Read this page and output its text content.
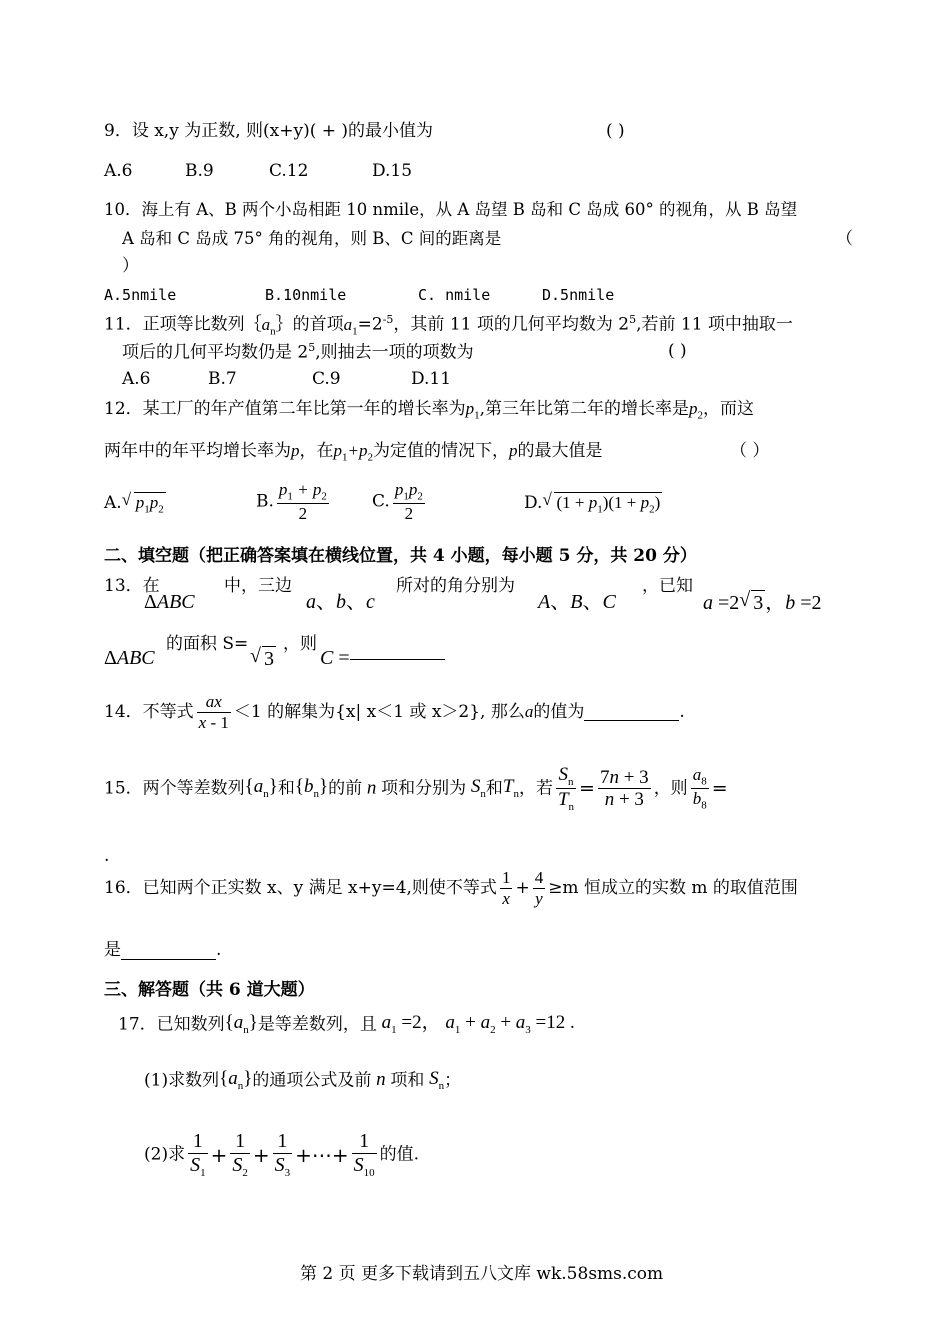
9．设 x,y 为正数, 则(x+y)( + )的最小值为	( )
A.6	B.9	C.12	D.15
10．海上有 A、B 两个小岛相距 10 nmile，从 A 岛望 B 岛和 C 岛成 60° 的视角，从 B 岛望
A 岛和 C 岛成 75° 角的视角，则 B、C 间的距离是	（
）
A.5nmile	B.10nmile	C. nmile	D.5nmile
11．正项等比数列$\{a_n\}$的首项$a_1=2^{-5}$，其前 11 项的几何平均数为 $2^5$,若前 11 项中抽取一
项后的几何平均数仍是 $2^5$,则抽去一项的项数为	( )
A.6	B.7	C.9	D.11
12．某工厂的年产值第二年比第一年的增长率为$p_1$,第三年比第二年的增长率是$p_2$，而这
两年中的年平均增长率为p，在$p_1+p_2$为定值的情况下，p的最大值是	（ ）
A. √ $p_1p_2$	B. $\frac{p_1 + p_2}{2}$	C. $\frac{p_1p_2}{2}$	D. √ $(1 + p_1)(1 + p_2)$
二、填空题（把正确答案填在横线位置，共 4 小题，每小题 5 分，共 20 分）
13．在
ΔABC
中，三边
a、b、c
所对的角分别为
A、B、C
，已知
a =2 √ 3 ，b =2
ΔABC
的面积 S=
√ 3
，则
C =
14．不等式 $\frac{ax}{x - 1} <1$ 的解集为{x| x＜1 或 x＞2}, 那么a的值为	.
15．两个等差数列$\{a_n\}$和$\{b_n\}$的前 n 项和分别为 $S_n$和$T_n$，若 $\frac{S_n}{T_n} = \frac{7n + 3}{n + 3}$ ，则 $\frac{a_8}{b_8}$ =
.
16．已知两个正实数 x、y 满足 x+y=4,则使不等式 $\frac{1}{x} + \frac{4}{y} \ge m$ 恒成立的实数 m 的取值范围
是	.
三、解答题（共 6 道大题）
17．已知数列$\{a_n\}$是等差数列，且 $a_1 =2$， $a_1 + a_2 + a_3 =12$ .
(1)求数列$\{a_n\}$的通项公式及前 n 项和 $S_n$；
(2)求 $\frac{1}{S_1} + \frac{1}{S_2} + \frac{1}{S_3}$ +⋯+ $\frac{1}{S_{10}}$ 的值.
第 2 页 更多下载请到五八文库 wk.58sms.com
